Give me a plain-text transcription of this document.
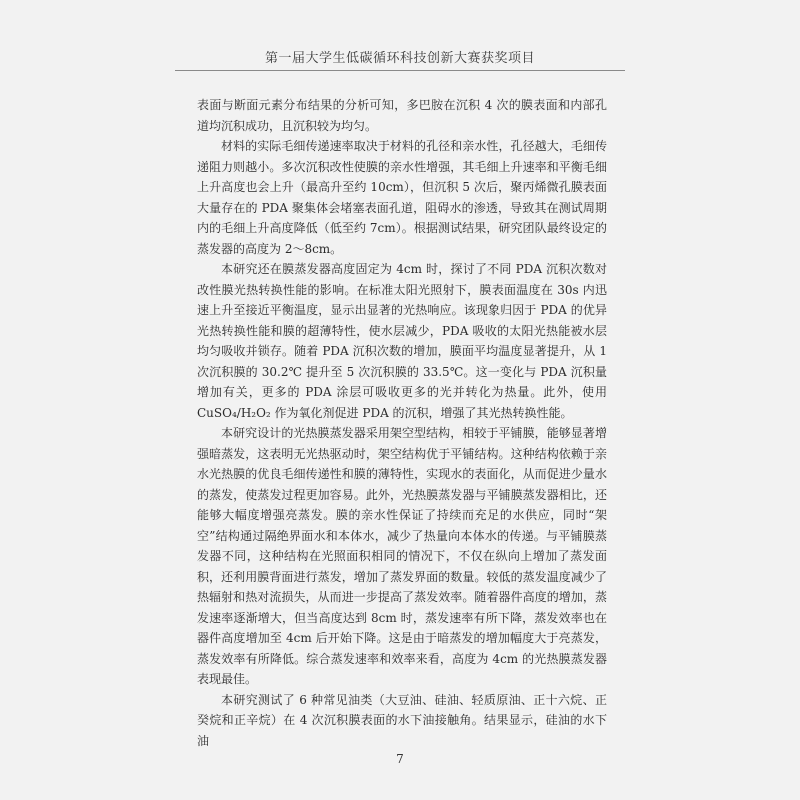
第一届大学生低碳循环科技创新大赛获奖项目

表面与断面元素分布结果的分析可知，多巴胺在沉积 4 次的膜表面和内部孔道均沉积成功，且沉积较为均匀。

材料的实际毛细传递速率取决于材料的孔径和亲水性，孔径越大，毛细传递阻力则越小。多次沉积改性使膜的亲水性增强，其毛细上升速率和平衡毛细上升高度也会上升（最高升至约 10cm），但沉积 5 次后，聚丙烯微孔膜表面大量存在的 PDA 聚集体会堵塞表面孔道，阻碍水的渗透，导致其在测试周期内的毛细上升高度降低（低至约 7cm）。根据测试结果，研究团队最终设定的蒸发器的高度为 2～8cm。

本研究还在膜蒸发器高度固定为 4cm 时，探讨了不同 PDA 沉积次数对改性膜光热转换性能的影响。在标准太阳光照射下，膜表面温度在 30s 内迅速上升至接近平衡温度，显示出显著的光热响应。该现象归因于 PDA 的优异光热转换性能和膜的超薄特性，使水层减少，PDA 吸收的太阳光热能被水层均匀吸收并锁存。随着 PDA 沉积次数的增加，膜面平均温度显著提升，从 1 次沉积膜的 30.2℃ 提升至 5 次沉积膜的 33.5℃。这一变化与 PDA 沉积量增加有关，更多的 PDA 涂层可吸收更多的光并转化为热量。此外，使用 CuSO₄/H₂O₂ 作为氧化剂促进 PDA 的沉积，增强了其光热转换性能。

本研究设计的光热膜蒸发器采用架空型结构，相较于平铺膜，能够显著增强暗蒸发，这表明无光热驱动时，架空结构优于平铺结构。这种结构依赖于亲水光热膜的优良毛细传递性和膜的薄特性，实现水的表面化，从而促进少量水的蒸发，使蒸发过程更加容易。此外，光热膜蒸发器与平铺膜蒸发器相比，还能够大幅度增强亮蒸发。膜的亲水性保证了持续而充足的水供应，同时“架空”结构通过隔绝界面水和本体水，减少了热量向本体水的传递。与平铺膜蒸发器不同，这种结构在光照面积相同的情况下，不仅在纵向上增加了蒸发面积，还利用膜背面进行蒸发，增加了蒸发界面的数量。较低的蒸发温度减少了热辐射和热对流损失，从而进一步提高了蒸发效率。随着器件高度的增加，蒸发速率逐渐增大，但当高度达到 8cm 时，蒸发速率有所下降，蒸发效率也在器件高度增加至 4cm 后开始下降。这是由于暗蒸发的增加幅度大于亮蒸发，蒸发效率有所降低。综合蒸发速率和效率来看，高度为 4cm 的光热膜蒸发器表现最佳。

本研究测试了 6 种常见油类（大豆油、硅油、轻质原油、正十六烷、正癸烷和正辛烷）在 4 次沉积膜表面的水下油接触角。结果显示，硅油的水下油

7
